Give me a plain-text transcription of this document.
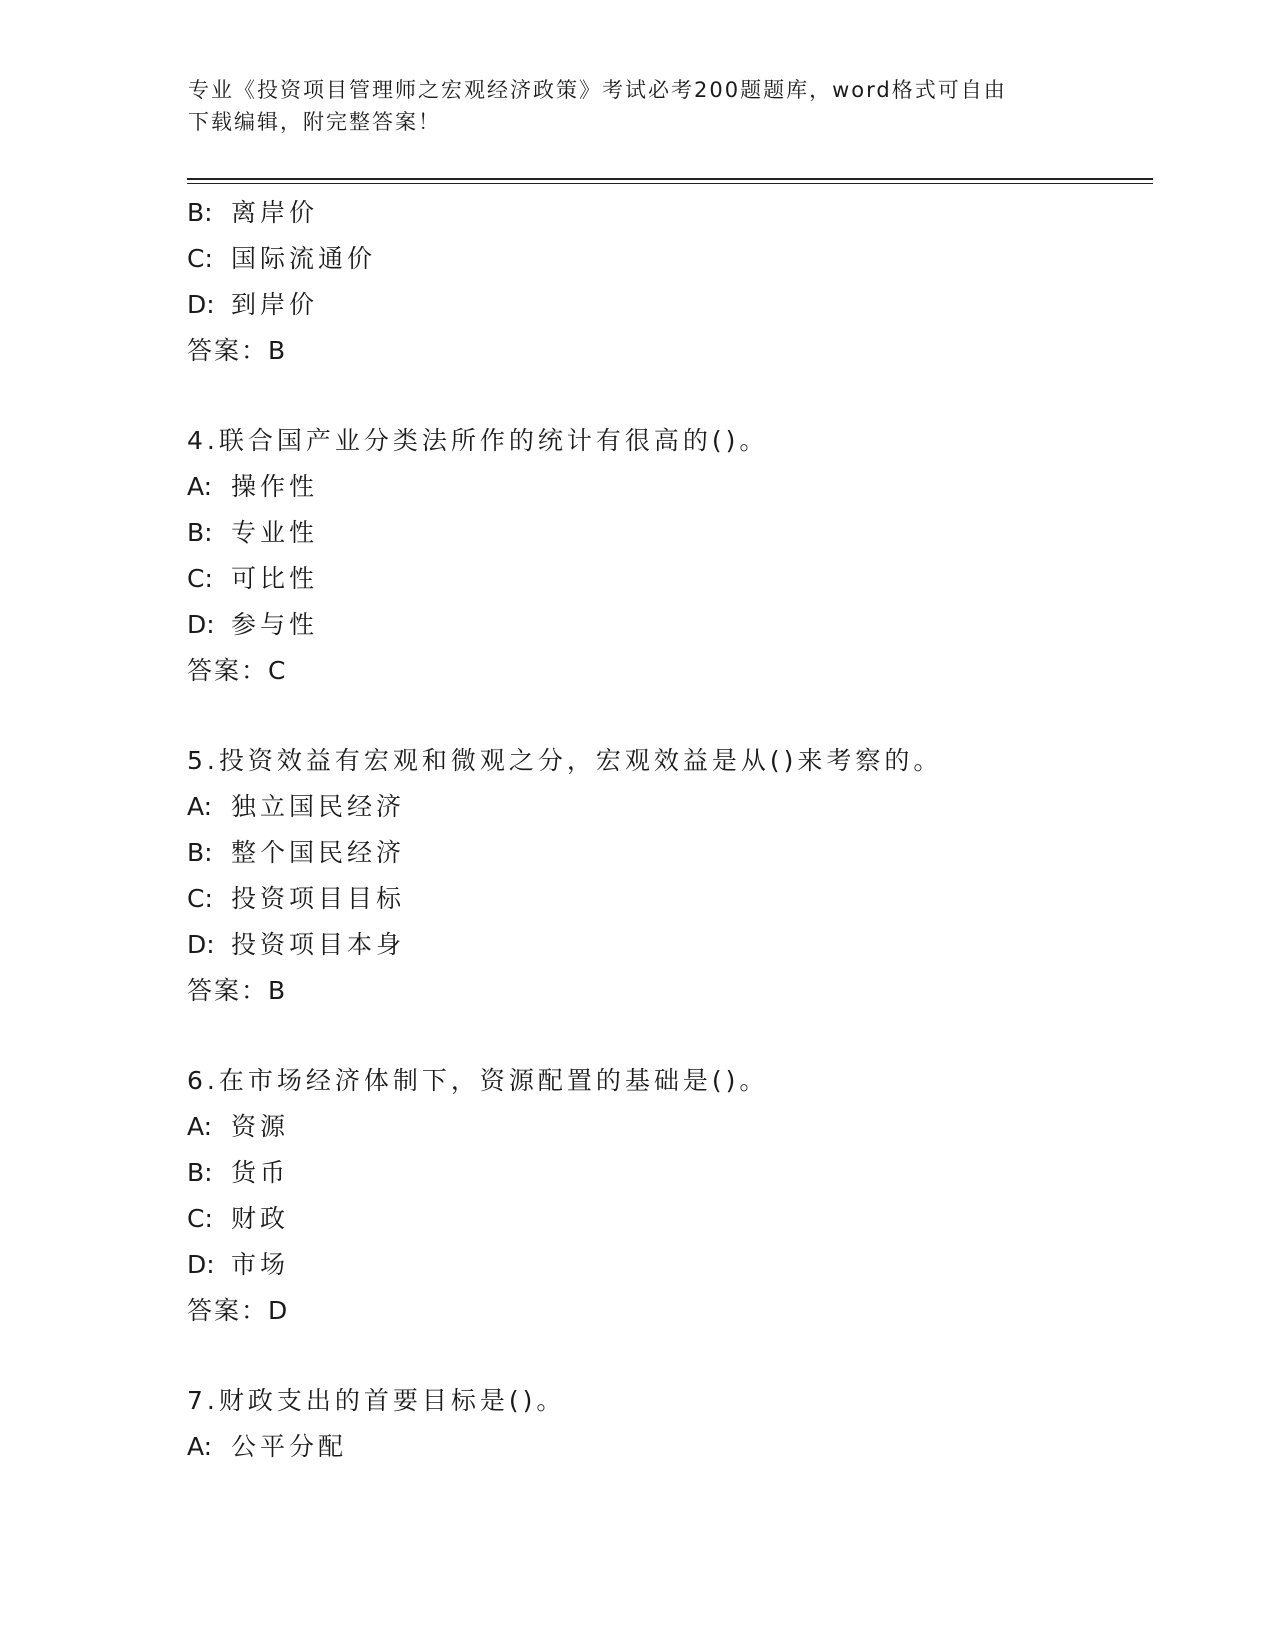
专业《投资项目管理师之宏观经济政策》考试必考200题题库，word格式可自由
下载编辑，附完整答案！
B: 离岸价
C: 国际流通价
D: 到岸价
答案：B
4.联合国产业分类法所作的统计有很高的()。
A: 操作性
B: 专业性
C: 可比性
D: 参与性
答案：C
5.投资效益有宏观和微观之分，宏观效益是从()来考察的。
A: 独立国民经济
B: 整个国民经济
C: 投资项目目标
D: 投资项目本身
答案：B
6.在市场经济体制下，资源配置的基础是()。
A: 资源
B: 货币
C: 财政
D: 市场
答案：D
7.财政支出的首要目标是()。
A: 公平分配
